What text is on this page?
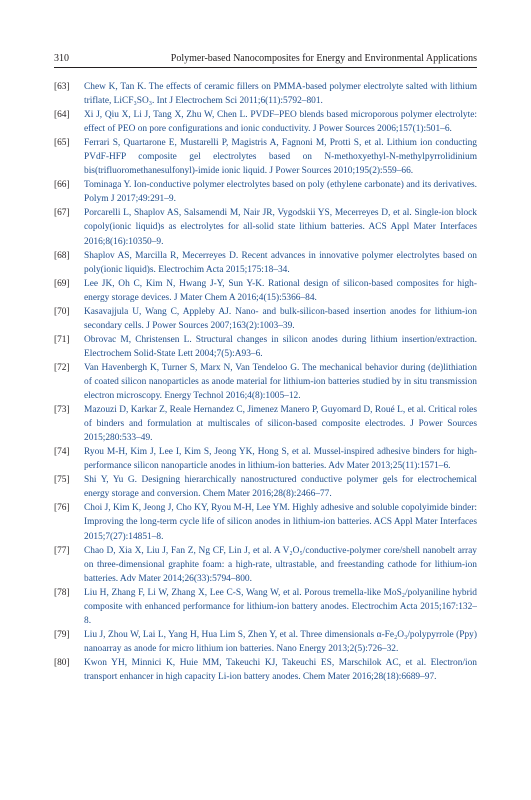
310	Polymer-based Nanocomposites for Energy and Environmental Applications
[63]	Chew K, Tan K. The effects of ceramic fillers on PMMA-based polymer electrolyte salted with lithium triflate, LiCF₃SO₃. Int J Electrochem Sci 2011;6(11):5792–801.
[64]	Xi J, Qiu X, Li J, Tang X, Zhu W, Chen L. PVDF–PEO blends based microporous polymer electrolyte: effect of PEO on pore configurations and ionic conductivity. J Power Sources 2006;157(1):501–6.
[65]	Ferrari S, Quartarone E, Mustarelli P, Magistris A, Fagnoni M, Protti S, et al. Lithium ion conducting PVdF-HFP composite gel electrolytes based on N-methoxyethyl-N-methylpyrrolidinium bis(trifluoromethanesulfonyl)-imide ionic liquid. J Power Sources 2010;195(2):559–66.
[66]	Tominaga Y. Ion-conductive polymer electrolytes based on poly (ethylene carbonate) and its derivatives. Polym J 2017;49:291–9.
[67]	Porcarelli L, Shaplov AS, Salsamendi M, Nair JR, Vygodskii YS, Mecerreyes D, et al. Single-ion block copoly(ionic liquid)s as electrolytes for all-solid state lithium batteries. ACS Appl Mater Interfaces 2016;8(16):10350–9.
[68]	Shaplov AS, Marcilla R, Mecerreyes D. Recent advances in innovative polymer electrolytes based on poly(ionic liquid)s. Electrochim Acta 2015;175:18–34.
[69]	Lee JK, Oh C, Kim N, Hwang J-Y, Sun Y-K. Rational design of silicon-based composites for high-energy storage devices. J Mater Chem A 2016;4(15):5366–84.
[70]	Kasavajjula U, Wang C, Appleby AJ. Nano- and bulk-silicon-based insertion anodes for lithium-ion secondary cells. J Power Sources 2007;163(2):1003–39.
[71]	Obrovac M, Christensen L. Structural changes in silicon anodes during lithium insertion/extraction. Electrochem Solid-State Lett 2004;7(5):A93–6.
[72]	Van Havenbergh K, Turner S, Marx N, Van Tendeloo G. The mechanical behavior during (de)lithiation of coated silicon nanoparticles as anode material for lithium-ion batteries studied by in situ transmission electron microscopy. Energy Technol 2016;4(8):1005–12.
[73]	Mazouzi D, Karkar Z, Reale Hernandez C, Jimenez Manero P, Guyomard D, Roué L, et al. Critical roles of binders and formulation at multiscales of silicon-based composite electrodes. J Power Sources 2015;280:533–49.
[74]	Ryou M-H, Kim J, Lee I, Kim S, Jeong YK, Hong S, et al. Mussel-inspired adhesive binders for high-performance silicon nanoparticle anodes in lithium-ion batteries. Adv Mater 2013;25(11):1571–6.
[75]	Shi Y, Yu G. Designing hierarchically nanostructured conductive polymer gels for electrochemical energy storage and conversion. Chem Mater 2016;28(8):2466–77.
[76]	Choi J, Kim K, Jeong J, Cho KY, Ryou M-H, Lee YM. Highly adhesive and soluble copolyimide binder: Improving the long-term cycle life of silicon anodes in lithium-ion batteries. ACS Appl Mater Interfaces 2015;7(27):14851–8.
[77]	Chao D, Xia X, Liu J, Fan Z, Ng CF, Lin J, et al. A V₂O₅/conductive-polymer core/shell nanobelt array on three-dimensional graphite foam: a high-rate, ultrastable, and freestanding cathode for lithium-ion batteries. Adv Mater 2014;26(33):5794–800.
[78]	Liu H, Zhang F, Li W, Zhang X, Lee C-S, Wang W, et al. Porous tremella-like MoS₂/polyaniline hybrid composite with enhanced performance for lithium-ion battery anodes. Electrochim Acta 2015;167:132–8.
[79]	Liu J, Zhou W, Lai L, Yang H, Hua Lim S, Zhen Y, et al. Three dimensionals α-Fe₂O₃/polypyrrole (Ppy) nanoarray as anode for micro lithium ion batteries. Nano Energy 2013;2(5):726–32.
[80]	Kwon YH, Minnici K, Huie MM, Takeuchi KJ, Takeuchi ES, Marschilok AC, et al. Electron/ion transport enhancer in high capacity Li-ion battery anodes. Chem Mater 2016;28(18):6689–97.
